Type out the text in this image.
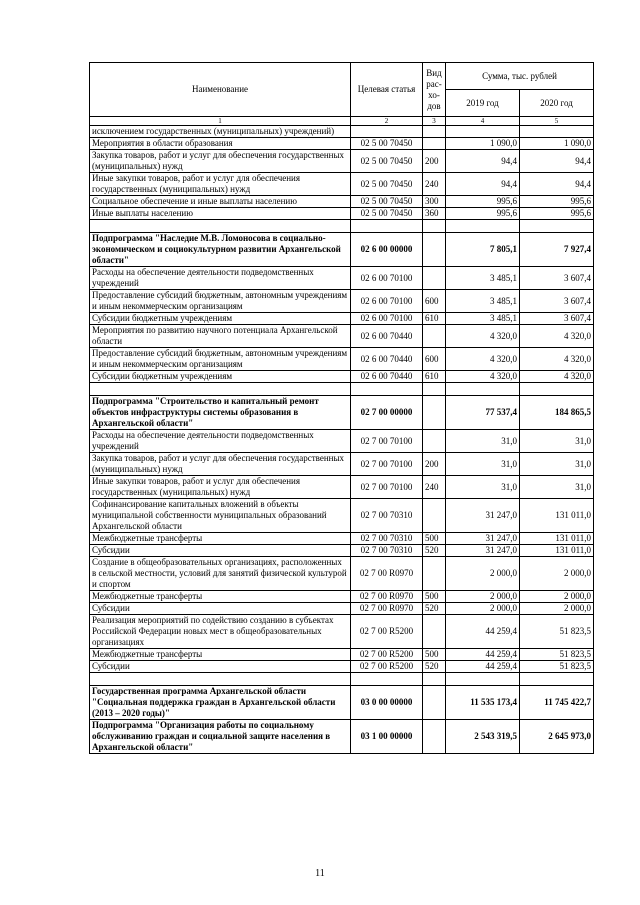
Наименование	Целевая статья	Вид рас-хо-дов	Сумма, тыс. рублей	
			2019 год	2020 год
1	2	3	4	5
исключением государственных (муниципальных) учреждений)				
Мероприятия в области образования	02 5 00 70450		1 090,0	1 090,0
Закупка товаров, работ и услуг для обеспечения государственных (муниципальных) нужд	02 5 00 70450	200	94,4	94,4
Иные закупки товаров, работ и услуг для обеспечения государственных (муниципальных) нужд	02 5 00 70450	240	94,4	94,4
Социальное обеспечение и иные выплаты населению	02 5 00 70450	300	995,6	995,6
Иные выплаты населению	02 5 00 70450	360	995,6	995,6

Подпрограмма "Наследие М.В. Ломоносова в социально-экономическом и социокультурном развитии Архангельской области"	02 6 00 00000		7 805,1	7 927,4
Расходы на обеспечение деятельности подведомственных учреждений	02 6 00 70100		3 485,1	3 607,4
Предоставление субсидий бюджетным, автономным учреждениям и иным некоммерческим организациям	02 6 00 70100	600	3 485,1	3 607,4
Субсидии бюджетным учреждениям	02 6 00 70100	610	3 485,1	3 607,4
Мероприятия по развитию научного потенциала Архангельской области	02 6 00 70440		4 320,0	4 320,0
Предоставление субсидий бюджетным, автономным учреждениям и иным некоммерческим организациям	02 6 00 70440	600	4 320,0	4 320,0
Субсидии бюджетным учреждениям	02 6 00 70440	610	4 320,0	4 320,0

Подпрограмма "Строительство и капитальный ремонт объектов инфраструктуры системы образования в Архангельской области"	02 7 00 00000		77 537,4	184 865,5
Расходы на обеспечение деятельности подведомственных учреждений	02 7 00 70100		31,0	31,0
Закупка товаров, работ и услуг для обеспечения государственных (муниципальных) нужд	02 7 00 70100	200	31,0	31,0
Иные закупки товаров, работ и услуг для обеспечения государственных (муниципальных) нужд	02 7 00 70100	240	31,0	31,0
Софинансирование капитальных вложений в объекты муниципальной собственности муниципальных образований Архангельской области	02 7 00 70310		31 247,0	131 011,0
Межбюджетные трансферты	02 7 00 70310	500	31 247,0	131 011,0
Субсидии	02 7 00 70310	520	31 247,0	131 011,0
Создание в общеобразовательных организациях, расположенных в сельской местности, условий для занятий физической культурой и спортом	02 7 00 R0970		2 000,0	2 000,0
Межбюджетные трансферты	02 7 00 R0970	500	2 000,0	2 000,0
Субсидии	02 7 00 R0970	520	2 000,0	2 000,0
Реализация мероприятий по содействию созданию в субъектах Российской Федерации новых мест в общеобразовательных организациях	02 7 00 R5200		44 259,4	51 823,5
Межбюджетные трансферты	02 7 00 R5200	500	44 259,4	51 823,5
Субсидии	02 7 00 R5200	520	44 259,4	51 823,5

Государственная программа Архангельской области "Социальная поддержка граждан в Архангельской области (2013 – 2020 годы)"	03 0 00 00000		11 535 173,4	11 745 422,7
Подпрограмма "Организация работы по социальному обслуживанию граждан и социальной защите населения в Архангельской области"	03 1 00 00000		2 543 319,5	2 645 973,0
11
